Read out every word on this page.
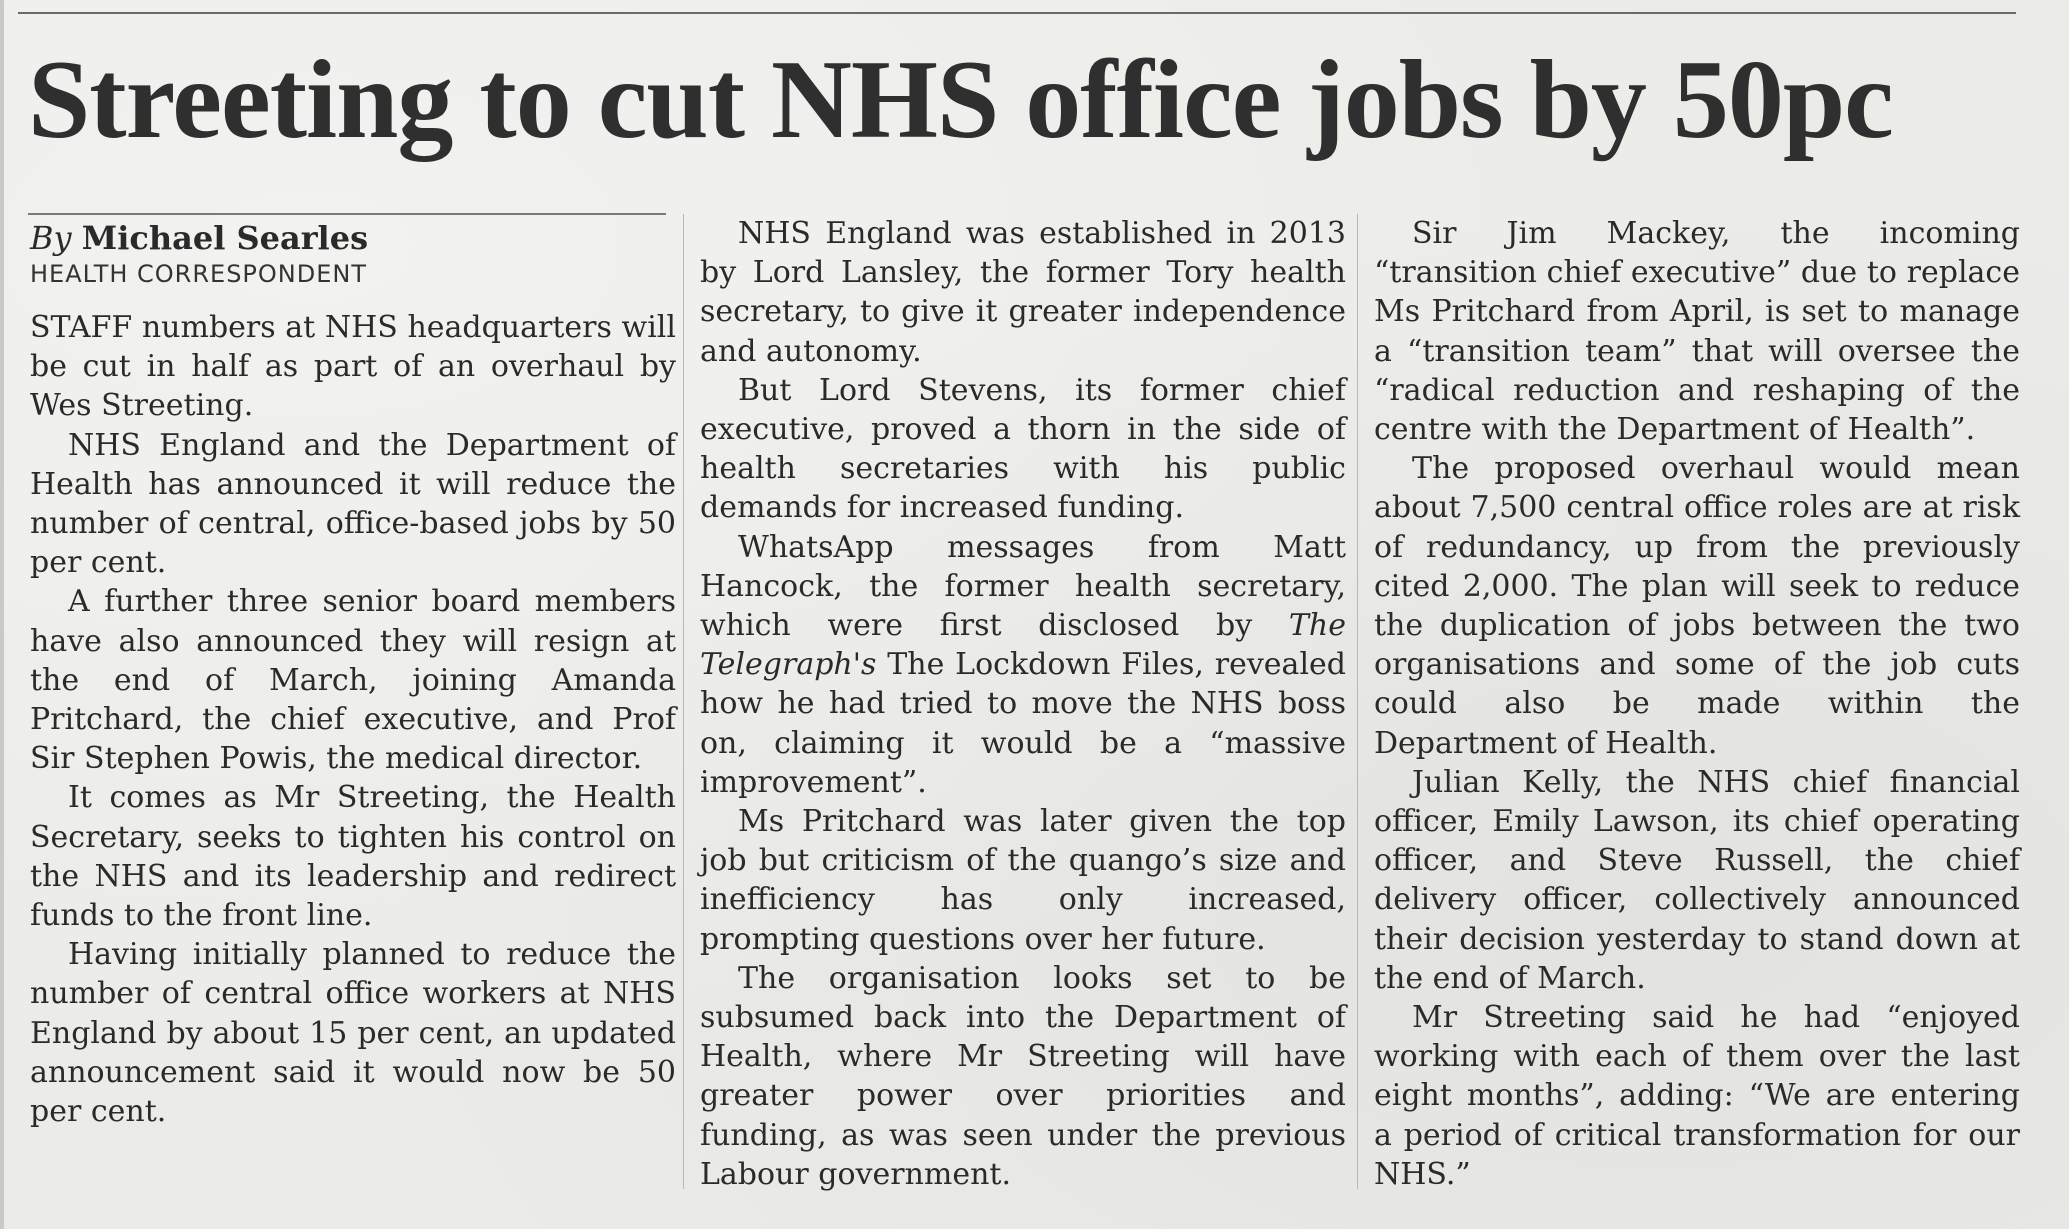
Streeting to cut NHS office jobs by 50pc

By Michael Searles

HEALTH CORRESPONDENT

STAFF numbers at NHS headquarters will be cut in half as part of an overhaul by Wes Streeting.

NHS England and the Department of Health has announced it will reduce the number of central, office-based jobs by 50 per cent.

A further three senior board members have also announced they will resign at the end of March, joining Amanda Pritchard, the chief executive, and Prof Sir Stephen Powis, the medical director.

It comes as Mr Streeting, the Health Secretary, seeks to tighten his control on the NHS and its leadership and redirect funds to the front line.

Having initially planned to reduce the number of central office workers at NHS England by about 15 per cent, an updated announcement said it would now be 50 per cent.

NHS England was established in 2013 by Lord Lansley, the former Tory health secretary, to give it greater independence and autonomy.

But Lord Stevens, its former chief executive, proved a thorn in the side of health secretaries with his public demands for increased funding.

WhatsApp messages from Matt Hancock, the former health secretary, which were first disclosed by The Telegraph's The Lockdown Files, revealed how he had tried to move the NHS boss on, claiming it would be a “massive improvement”.

Ms Pritchard was later given the top job but criticism of the quango’s size and inefficiency has only increased, prompting questions over her future.

The organisation looks set to be subsumed back into the Department of Health, where Mr Streeting will have greater power over priorities and funding, as was seen under the previous Labour government.

Sir Jim Mackey, the incoming “transition chief executive” due to replace Ms Pritchard from April, is set to manage a “transition team” that will oversee the “radical reduction and reshaping of the centre with the Department of Health”.

The proposed overhaul would mean about 7,500 central office roles are at risk of redundancy, up from the previously cited 2,000. The plan will seek to reduce the duplication of jobs between the two organisations and some of the job cuts could also be made within the Department of Health.

Julian Kelly, the NHS chief financial officer, Emily Lawson, its chief operating officer, and Steve Russell, the chief delivery officer, collectively announced their decision yesterday to stand down at the end of March.

Mr Streeting said he had “enjoyed working with each of them over the last eight months”, adding: “We are entering a period of critical transformation for our NHS.”
